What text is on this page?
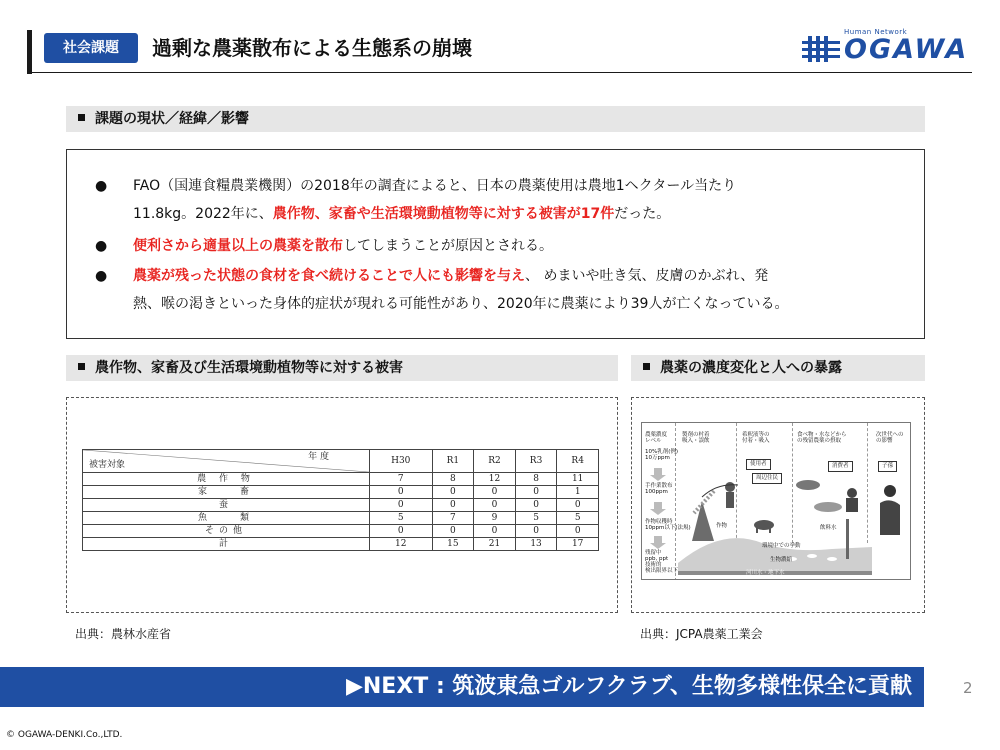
社会課題	過剰な農薬散布による生態系の崩壊
Human Network
OGAWA
課題の現状／経緯／影響
● FAO（国連食糧農業機関）の2018年の調査によると、日本の農薬使用は農地1ヘクタール当たり
11.8kg。2022年に、農作物、家畜や生活環境動植物等に対する被害が17件だった。
● 便利さから適量以上の農薬を散布してしまうことが原因とされる。
● 農薬が残った状態の食材を食べ続けることで人にも影響を与え、 めまいや吐き気、皮膚のかぶれ、発
熱、喉の渇きといった身体的症状が現れる可能性があり、2020年に農薬により39人が亡くなっている。
農作物、家畜及び生活環境動植物等に対する被害	農薬の濃度変化と人への暴露
被害対象
年 度	H30	R1	R2	R3	R4
農 作 物	7	8	12	8	11
家　　畜	0	0	0	0	1
蚕	0	0	0	0	0
魚　　類	5	7	9	5	5
その他	0	0	0	0	0
計	12	15	21	13	17
農薬濃度
レベル
製剤の村着
吸入・誤飲
希釈液等の
付着・吸入
食べ物・水などから
の残留農薬の摂取
次世代への
の影響
10%乳剤(例)
10万ppm
手作業散布
100ppm
作物収穫時
10ppm以下(法規)
残留中
ppb, ppt
技術的
検出限界以下
使用者
周辺住民
消費者	子孫
作物	飲料水
環境中での挙動
生物濃縮
河川水・地下水
出典：農林水産省	出典：JCPA農薬工業会
▶NEXT : 筑波東急ゴルフクラブ、生物多様性保全に貢献	2
© OGAWA-DENKI.Co.,LTD.
